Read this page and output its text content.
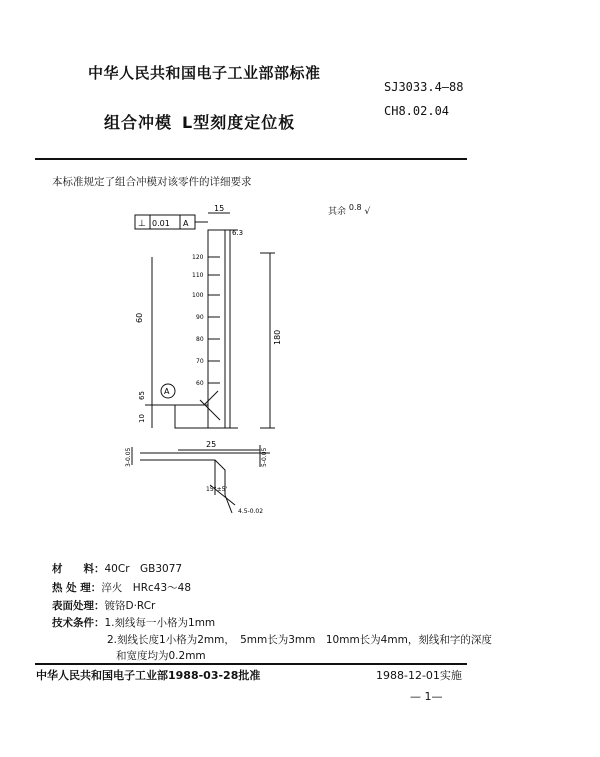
中华人民共和国电子工业部部标准
SJ3033.4—88
CH8.02.04
组合冲模 L型刻度定位板
本标准规定了组合冲模对该零件的详细要求
⊥ 0.01 A
A
15
6.3
120
110
100
90
80
70
60
60
180
65
10
25
3-0.05	5-0.05
15°±5'
4.5-0.02
其余 0.8 √
材　　料：40Cr　GB3077
热 处 理：淬火　HRc43～48
表面处理：镀铬D·RCr
技术条件：1.刻线每一小格为1mm
2.刻线长度1小格为2mm，　5mm长为3mm　10mm长为4mm，刻线和字的深度
和宽度均为0.2mm
中华人民共和国电子工业部1988-03-28批准	1988-12-01实施
— 1—
